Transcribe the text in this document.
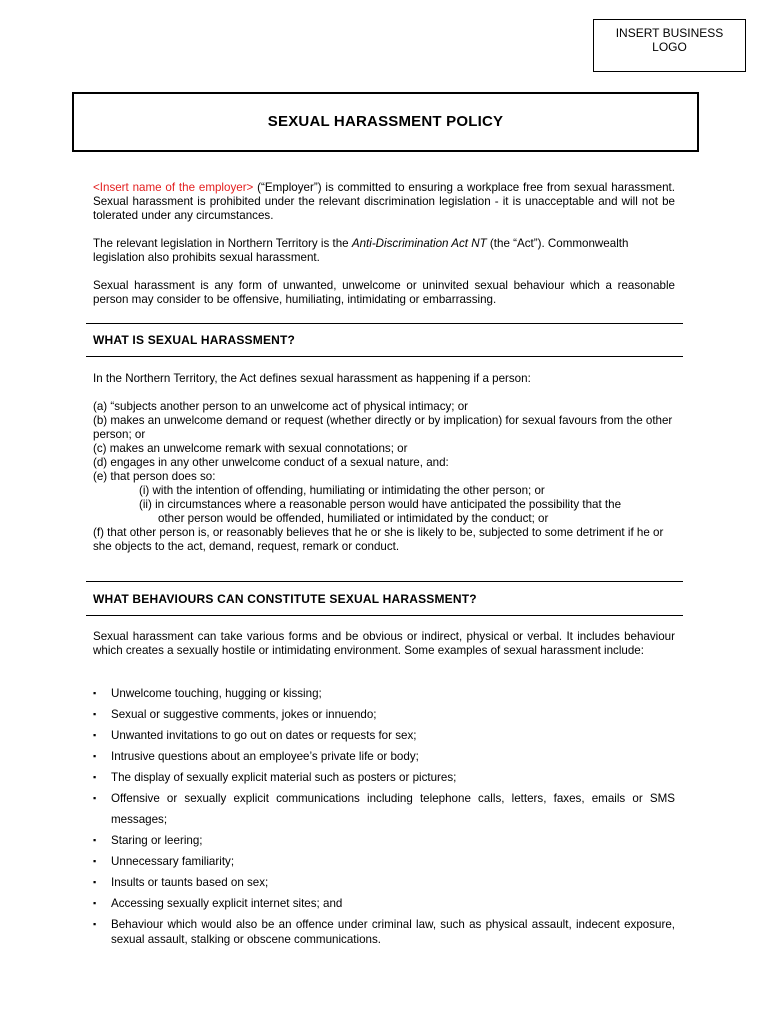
INSERT BUSINESS
LOGO
SEXUAL HARASSMENT POLICY

<Insert name of the employer> (“Employer”) is committed to ensuring a workplace free from sexual harassment. Sexual harassment is prohibited under the relevant discrimination legislation - it is unacceptable and will not be tolerated under any circumstances.

The relevant legislation in Northern Territory is the Anti-Discrimination Act NT (the “Act”). Commonwealth legislation also prohibits sexual harassment.

Sexual harassment is any form of unwanted, unwelcome or uninvited sexual behaviour which a reasonable person may consider to be offensive, humiliating, intimidating or embarrassing.

WHAT IS SEXUAL HARASSMENT?

In the Northern Territory, the Act defines sexual harassment as happening if a person:

(a) “subjects another person to an unwelcome act of physical intimacy; or

(b) makes an unwelcome demand or request (whether directly or by implication) for sexual favours from the other person; or

(c) makes an unwelcome remark with sexual connotations; or

(d) engages in any other unwelcome conduct of a sexual nature, and:

(e) that person does so:

(i) with the intention of offending, humiliating or intimidating the other person; or

(ii) in circumstances where a reasonable person would have anticipated the possibility that the

other person would be offended, humiliated or intimidated by the conduct; or

(f) that other person is, or reasonably believes that he or she is likely to be, subjected to some detriment if he or she objects to the act, demand, request, remark or conduct.

WHAT BEHAVIOURS CAN CONSTITUTE SEXUAL HARASSMENT?

Sexual harassment can take various forms and be obvious or indirect, physical or verbal. It includes behaviour which creates a sexually hostile or intimidating environment. Some examples of sexual harassment include:

▪ Unwelcome touching, hugging or kissing;
▪ Sexual or suggestive comments, jokes or innuendo;
▪ Unwanted invitations to go out on dates or requests for sex;
▪ Intrusive questions about an employee’s private life or body;
▪ The display of sexually explicit material such as posters or pictures;
▪ Offensive or sexually explicit communications including telephone calls, letters, faxes, emails or SMS messages;
▪ Staring or leering;
▪ Unnecessary familiarity;
▪ Insults or taunts based on sex;
▪ Accessing sexually explicit internet sites; and
▪ Behaviour which would also be an offence under criminal law, such as physical assault, indecent exposure, sexual assault, stalking or obscene communications.
